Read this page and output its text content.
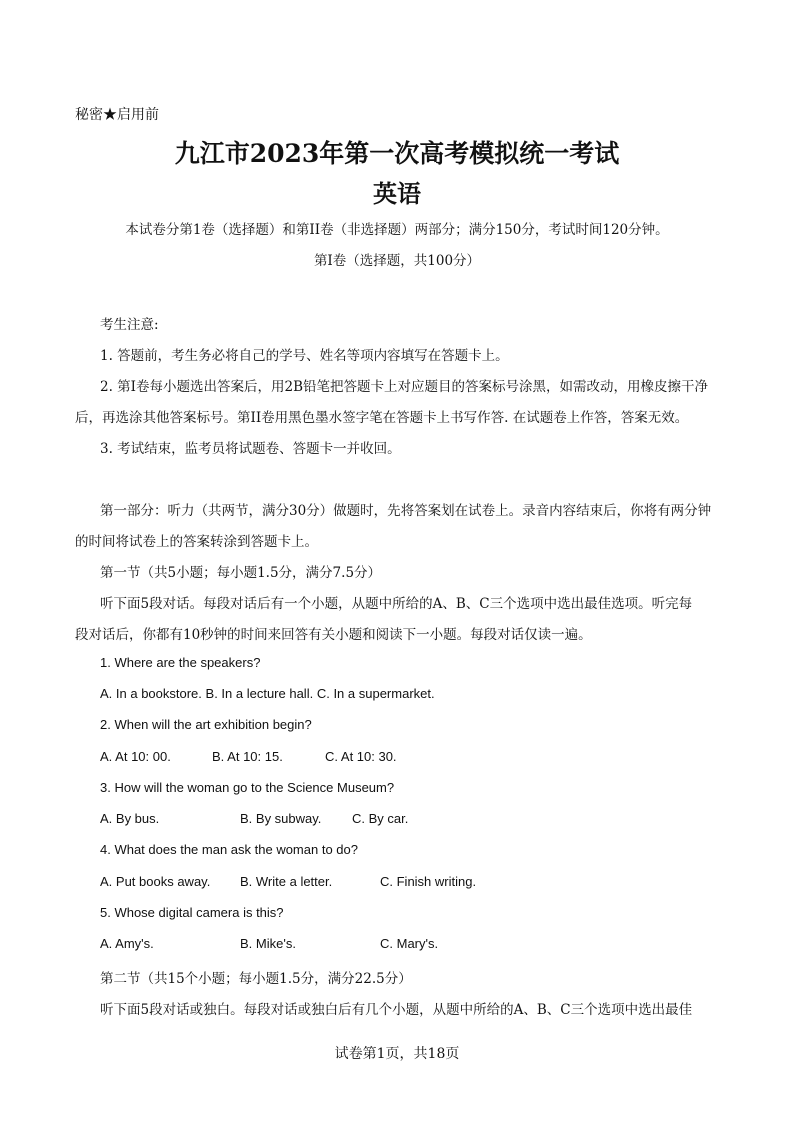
秘密★启用前
九江市2023年第一次高考模拟统一考试
英语
本试卷分第1卷（选择题）和第II卷（非选择题）两部分；满分150分，考试时间120分钟。
第I卷（选择题，共100分）
考生注意:
1. 答题前，考生务必将自己的学号、姓名等项内容填写在答题卡上。
2. 第I卷每小题选出答案后，用2B铅笔把答题卡上对应题目的答案标号涂黑，如需改动，用橡皮擦干净
后，再选涂其他答案标号。第II卷用黑色墨水签字笔在答题卡上书写作答. 在试题卷上作答，答案无效。
3. 考试结束，监考员将试题卷、答题卡一并收回。
第一部分：听力（共两节，满分30分）做题时，先将答案划在试卷上。录音内容结束后，你将有两分钟
的时间将试卷上的答案转涂到答题卡上。
第一节（共5小题；每小题1.5分，满分7.5分）
听下面5段对话。每段对话后有一个小题，从题中所给的A、B、C三个选项中选出最佳选项。听完每
段对话后，你都有10秒钟的时间来回答有关小题和阅读下一小题。每段对话仅读一遍。
1. Where are the speakers?
A. In a bookstore. B. In a lecture hall. C. In a supermarket.
2. When will the art exhibition begin?
A. At 10: 00.	B. At 10: 15.	C. At 10: 30.
3. How will the woman go to the Science Museum?
A. By bus.	B. By subway. C. By car.
4. What does the man ask the woman to do?
A. Put books away. B. Write a letter.	C. Finish writing.
5. Whose digital camera is this?
A. Amy's.	B. Mike's.	C. Mary's.
第二节（共15个小题；每小题1.5分，满分22.5分）
听下面5段对话或独白。每段对话或独白后有几个小题，从题中所给的A、B、C三个选项中选出最佳
试卷第1页，共18页
